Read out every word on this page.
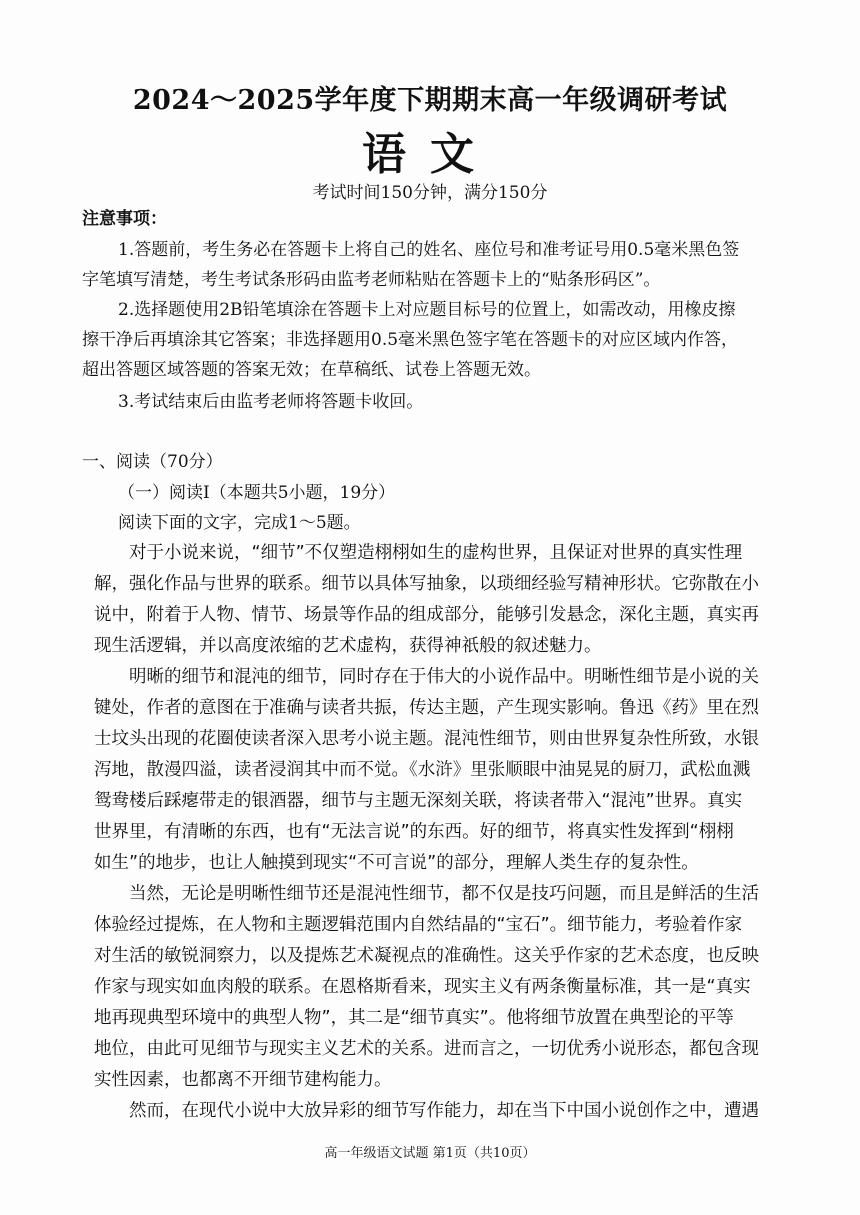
2024～2025学年度下期期末高一年级调研考试
语文
考试时间150分钟，满分150分
注意事项：
1.答题前，考生务必在答题卡上将自己的姓名、座位号和准考证号用0.5毫米黑色签
字笔填写清楚，考生考试条形码由监考老师粘贴在答题卡上的“贴条形码区”。
2.选择题使用2B铅笔填涂在答题卡上对应题目标号的位置上，如需改动，用橡皮擦
擦干净后再填涂其它答案；非选择题用0.5毫米黑色签字笔在答题卡的对应区域内作答，
超出答题区域答题的答案无效；在草稿纸、试卷上答题无效。
3.考试结束后由监考老师将答题卡收回。
一、阅读（70分）
（一）阅读Ⅰ（本题共5小题，19分）
阅读下面的文字，完成1～5题。
对于小说来说，“细节”不仅塑造栩栩如生的虚构世界，且保证对世界的真实性理
解，强化作品与世界的联系。细节以具体写抽象，以琐细经验写精神形状。它弥散在小
说中，附着于人物、情节、场景等作品的组成部分，能够引发悬念，深化主题，真实再
现生活逻辑，并以高度浓缩的艺术虚构，获得神祇般的叙述魅力。
明晰的细节和混沌的细节，同时存在于伟大的小说作品中。明晰性细节是小说的关
键处，作者的意图在于准确与读者共振，传达主题，产生现实影响。鲁迅《药》里在烈
士坟头出现的花圈使读者深入思考小说主题。混沌性细节，则由世界复杂性所致，水银
泻地，散漫四溢，读者浸润其中而不觉。《水浒》里张顺眼中油晃晃的厨刀，武松血溅
鸳鸯楼后踩瘪带走的银酒器，细节与主题无深刻关联，将读者带入“混沌”世界。真实
世界里，有清晰的东西，也有“无法言说”的东西。好的细节，将真实性发挥到“栩栩
如生”的地步，也让人触摸到现实“不可言说”的部分，理解人类生存的复杂性。
当然，无论是明晰性细节还是混沌性细节，都不仅是技巧问题，而且是鲜活的生活
体验经过提炼，在人物和主题逻辑范围内自然结晶的“宝石”。细节能力，考验着作家
对生活的敏锐洞察力，以及提炼艺术凝视点的准确性。这关乎作家的艺术态度，也反映
作家与现实如血肉般的联系。在恩格斯看来，现实主义有两条衡量标准，其一是“真实
地再现典型环境中的典型人物”，其二是“细节真实”。他将细节放置在典型论的平等
地位，由此可见细节与现实主义艺术的关系。进而言之，一切优秀小说形态，都包含现
实性因素，也都离不开细节建构能力。
然而，在现代小说中大放异彩的细节写作能力，却在当下中国小说创作之中，遭遇
高一年级语文试题 第1页（共10页）
